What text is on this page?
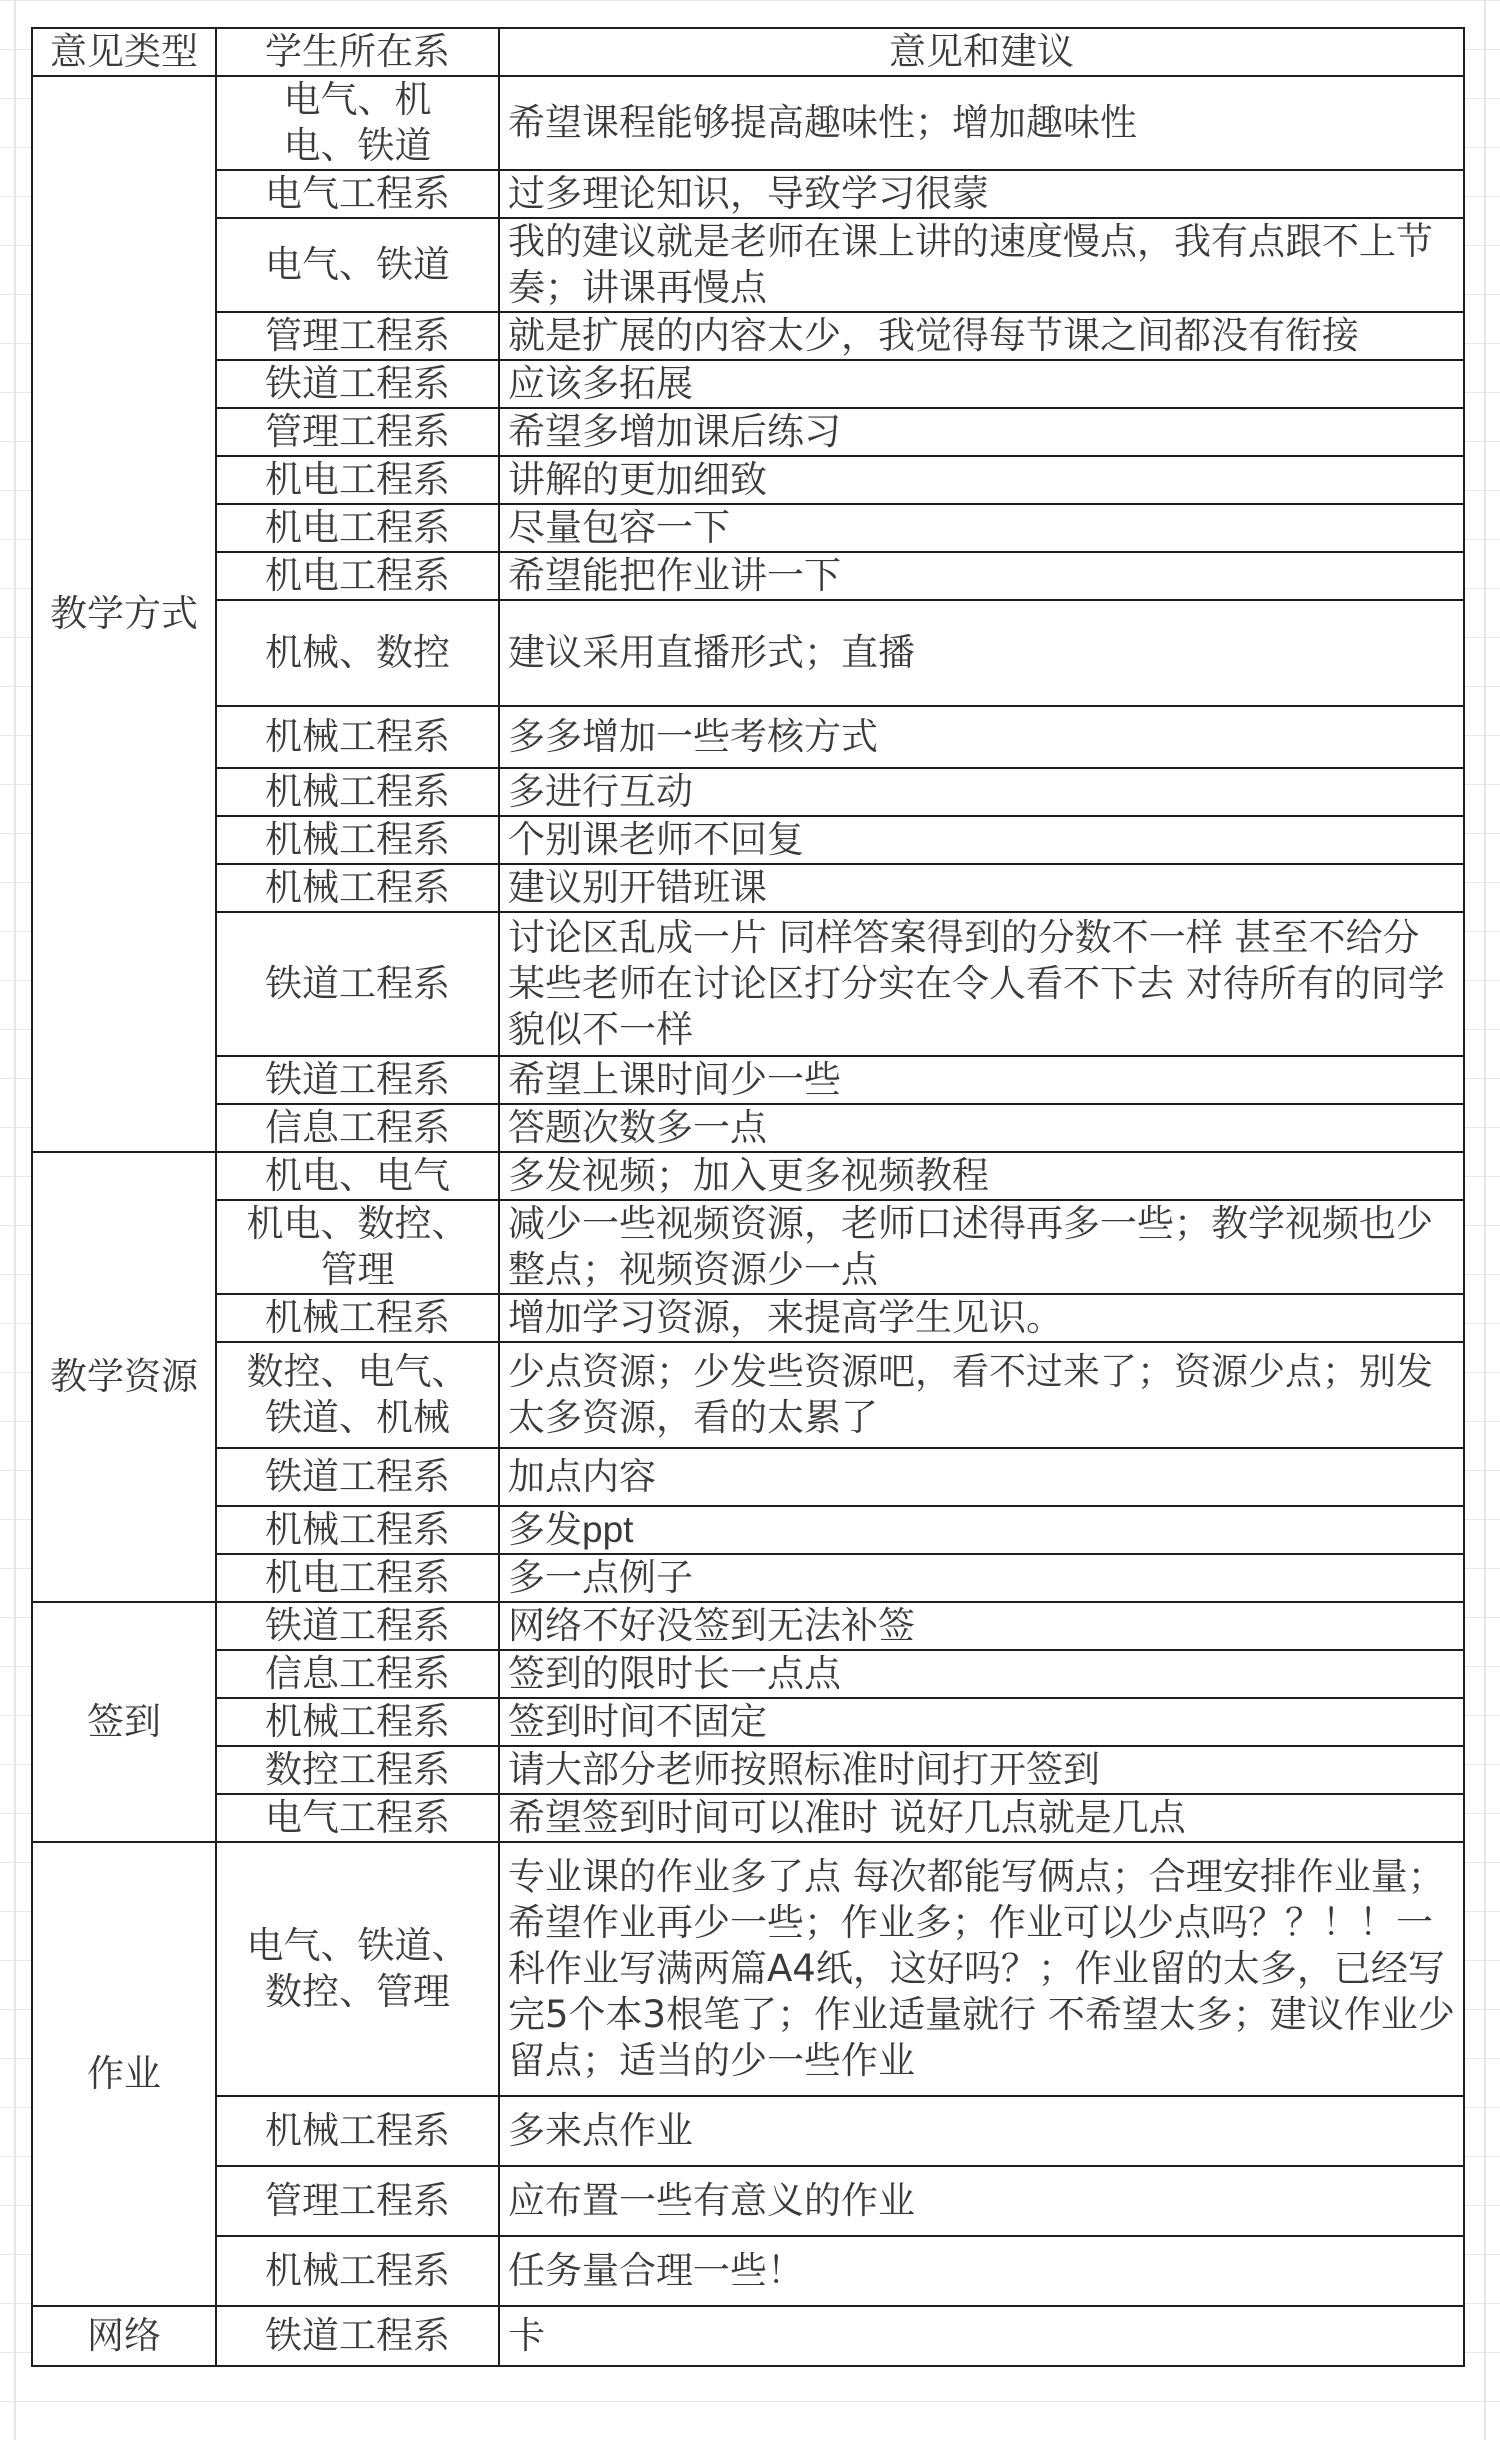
意见类型	学生所在系	意见和建议
教学方式	电气、机电、铁道	希望课程能够提高趣味性；增加趣味性
	电气工程系	过多理论知识，导致学习很蒙
	电气、铁道	我的建议就是老师在课上讲的速度慢点，我有点跟不上节奏；讲课再慢点
	管理工程系	就是扩展的内容太少，我觉得每节课之间都没有衔接
	铁道工程系	应该多拓展
	管理工程系	希望多增加课后练习
	机电工程系	讲解的更加细致
	机电工程系	尽量包容一下
	机电工程系	希望能把作业讲一下
	机械、数控	建议采用直播形式；直播
	机械工程系	多多增加一些考核方式
	机械工程系	多进行互动
	机械工程系	个别课老师不回复
	机械工程系	建议别开错班课
	铁道工程系	讨论区乱成一片 同样答案得到的分数不一样 甚至不给分 某些老师在讨论区打分实在令人看不下去 对待所有的同学貌似不一样
	铁道工程系	希望上课时间少一些
	信息工程系	答题次数多一点
教学资源	机电、电气	多发视频；加入更多视频教程
	机电、数控、管理	减少一些视频资源，老师口述得再多一些；教学视频也少整点；视频资源少一点
	机械工程系	增加学习资源，来提高学生见识。
	数控、电气、铁道、机械	少点资源；少发些资源吧，看不过来了；资源少点；别发太多资源，看的太累了
	铁道工程系	加点内容
	机械工程系	多发ppt
	机电工程系	多一点例子
签到	铁道工程系	网络不好没签到无法补签
	信息工程系	签到的限时长一点点
	机械工程系	签到时间不固定
	数控工程系	请大部分老师按照标准时间打开签到
	电气工程系	希望签到时间可以准时 说好几点就是几点
作业	电气、铁道、数控、管理	专业课的作业多了点 每次都能写俩点；合理安排作业量；希望作业再少一些；作业多；作业可以少点吗？？！！一科作业写满两篇A4纸，这好吗？；作业留的太多，已经写完5个本3根笔了；作业适量就行 不希望太多；建议作业少留点；适当的少一些作业
	机械工程系	多来点作业
	管理工程系	应布置一些有意义的作业
	机械工程系	任务量合理一些！
网络	铁道工程系	卡
